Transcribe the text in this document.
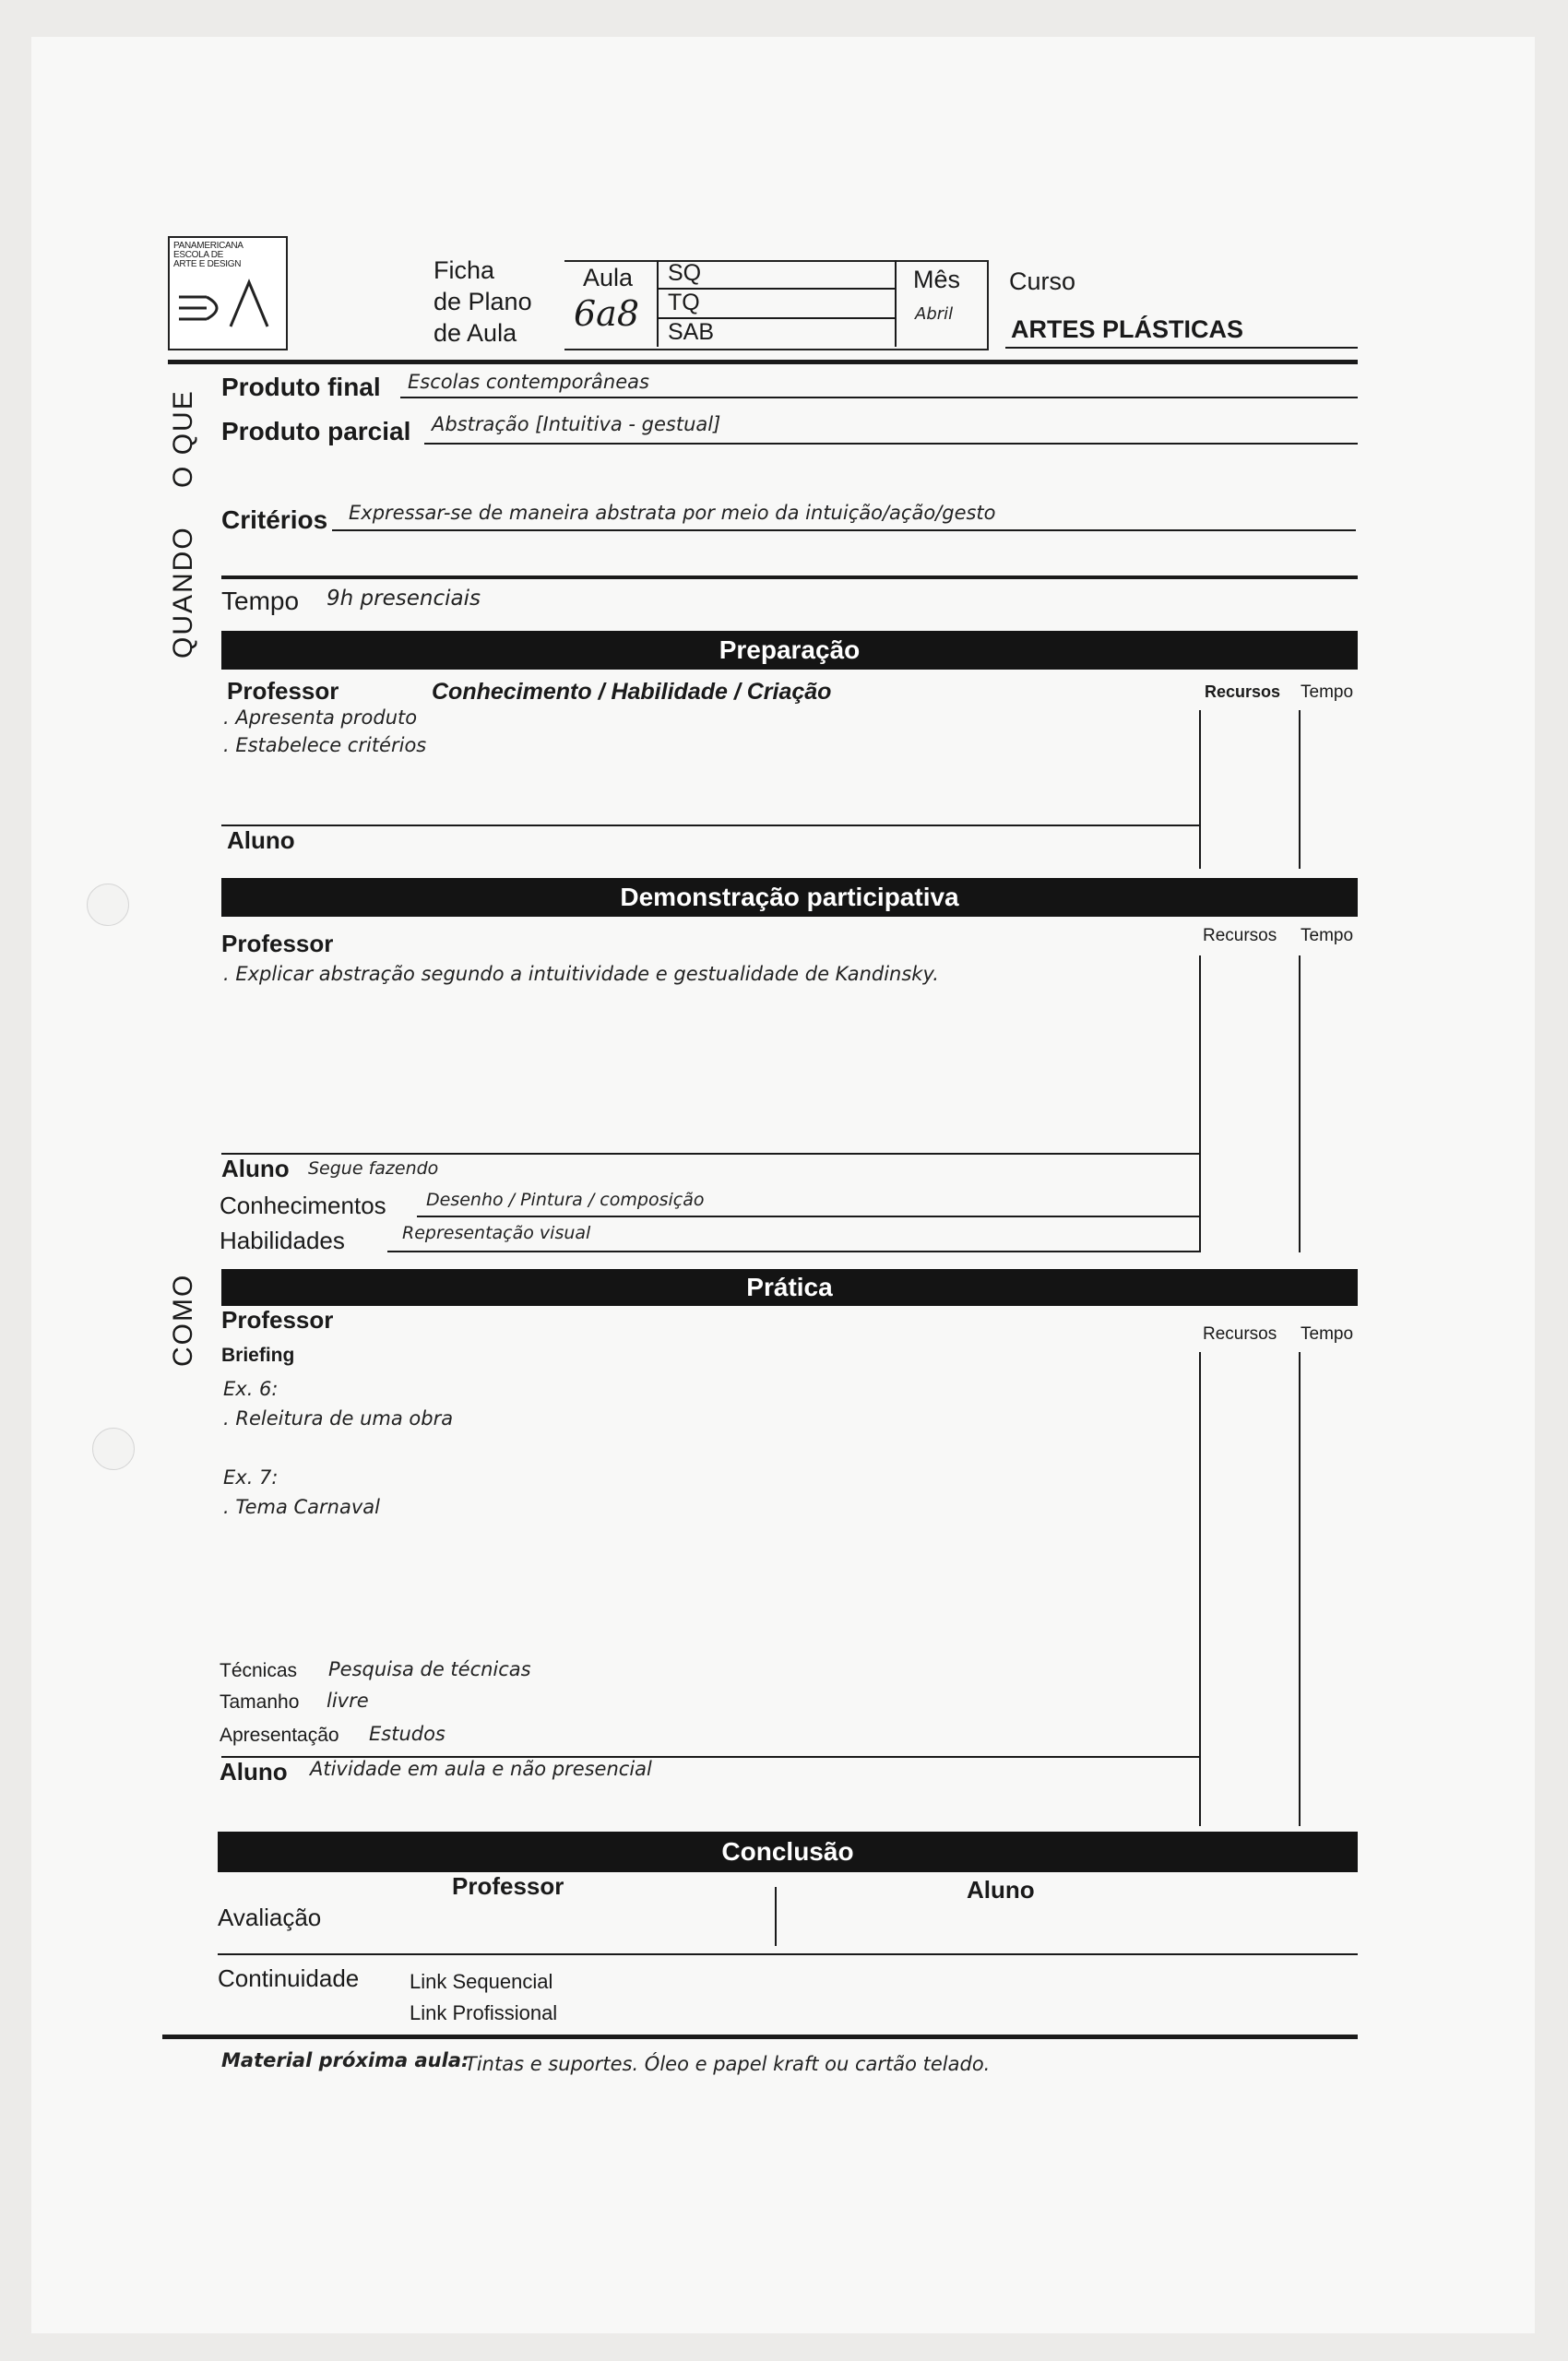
PANAMERICANA
ESCOLA DE
ARTE E DESIGN	Ficha
de Plano
de Aula
Aula
6a8
SQ
TQ
SAB
Mês
Abril
Curso
ARTES PLÁSTICAS
QUANDO    O QUE
COMO
Produto final Escolas contemporâneas
Produto parcial Abstração [Intuitiva - gestual]
Critérios Expressar-se de maneira abstrata por meio da intuição/ação/gesto
Tempo 9h presenciais
Preparação
Professor	Conhecimento / Habilidade / Criação	Recursos Tempo
. Apresenta produto
. Estabelece critérios
Aluno
Demonstração participativa
Professor	Recursos Tempo
. Explicar abstração segundo a intuitividade e gestualidade de Kandinsky.
Aluno Segue fazendo
Conhecimentos Desenho / Pintura / composição
Habilidades	Representação visual
Prática
Professor
Recursos Tempo
Briefing
Ex. 6:
. Releitura de uma obra
Ex. 7:
. Tema Carnaval
Técnicas Pesquisa de técnicas
Tamanho livre
Apresentação Estudos
Aluno Atividade em aula e não presencial
Conclusão
Professor	Aluno
Avaliação
Continuidade Link Sequencial
Link Profissional
Material próxima aula:
Tintas e suportes. Óleo e papel kraft ou cartão telado.
